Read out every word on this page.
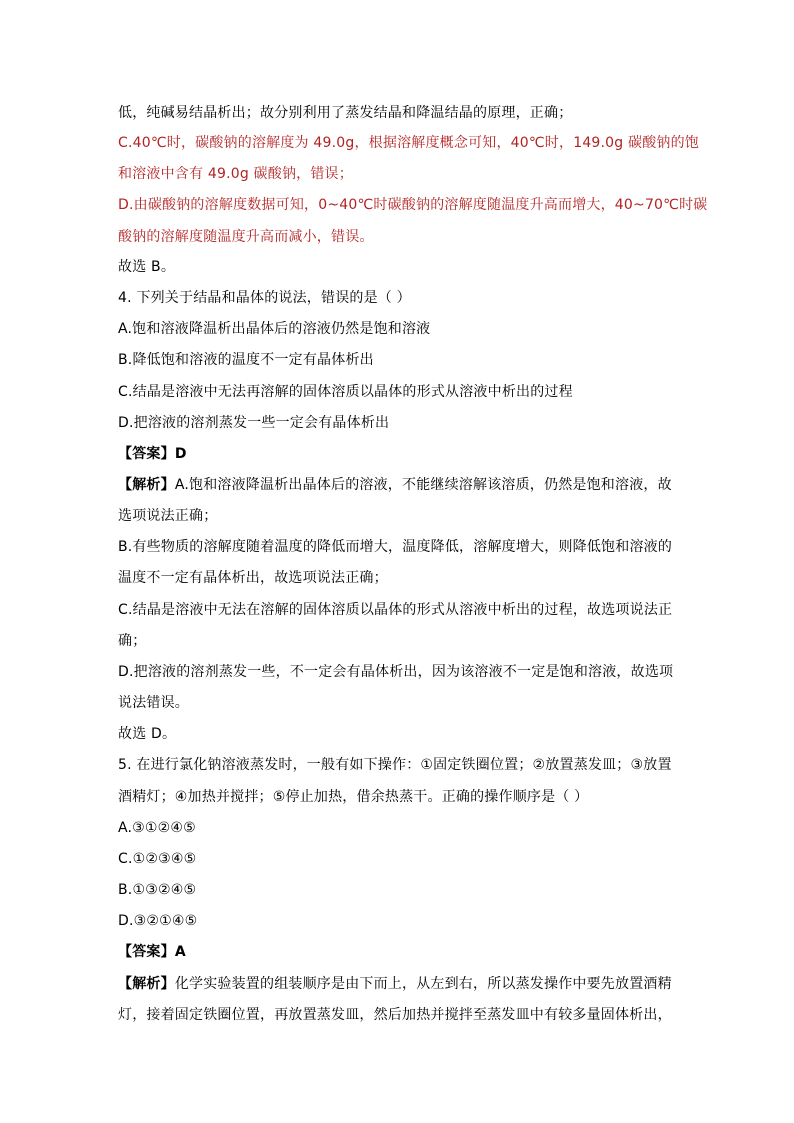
低，纯碱易结晶析出；故分别利用了蒸发结晶和降温结晶的原理，正确；
C.40℃时，碳酸钠的溶解度为 49.0g，根据溶解度概念可知，40℃时，149.0g 碳酸钠的饱
和溶液中含有 49.0g 碳酸钠，错误；
D.由碳酸钠的溶解度数据可知，0~40℃时碳酸钠的溶解度随温度升高而增大，40~70℃时碳
酸钠的溶解度随温度升高而减小，错误。
故选 B。
4. 下列关于结晶和晶体的说法，错误的是（ ）
A.饱和溶液降温析出晶体后的溶液仍然是饱和溶液
B.降低饱和溶液的温度不一定有晶体析出
C.结晶是溶液中无法再溶解的固体溶质以晶体的形式从溶液中析出的过程
D.把溶液的溶剂蒸发一些一定会有晶体析出
【答案】D
【解析】A.饱和溶液降温析出晶体后的溶液，不能继续溶解该溶质，仍然是饱和溶液，故
选项说法正确；
B.有些物质的溶解度随着温度的降低而增大，温度降低，溶解度增大，则降低饱和溶液的
温度不一定有晶体析出，故选项说法正确；
C.结晶是溶液中无法在溶解的固体溶质以晶体的形式从溶液中析出的过程，故选项说法正
确；
D.把溶液的溶剂蒸发一些，不一定会有晶体析出，因为该溶液不一定是饱和溶液，故选项
说法错误。
故选 D。
5. 在进行氯化钠溶液蒸发时，一般有如下操作：①固定铁圈位置；②放置蒸发皿；③放置
酒精灯；④加热并搅拌；⑤停止加热，借余热蒸干。正确的操作顺序是（ ）
A.③①②④⑤
C.①②③④⑤
B.①③②④⑤
D.③②①④⑤
【答案】A
【解析】化学实验装置的组装顺序是由下而上，从左到右，所以蒸发操作中要先放置酒精
灯，接着固定铁圈位置，再放置蒸发皿，然后加热并搅拌至蒸发皿中有较多量固体析出，
